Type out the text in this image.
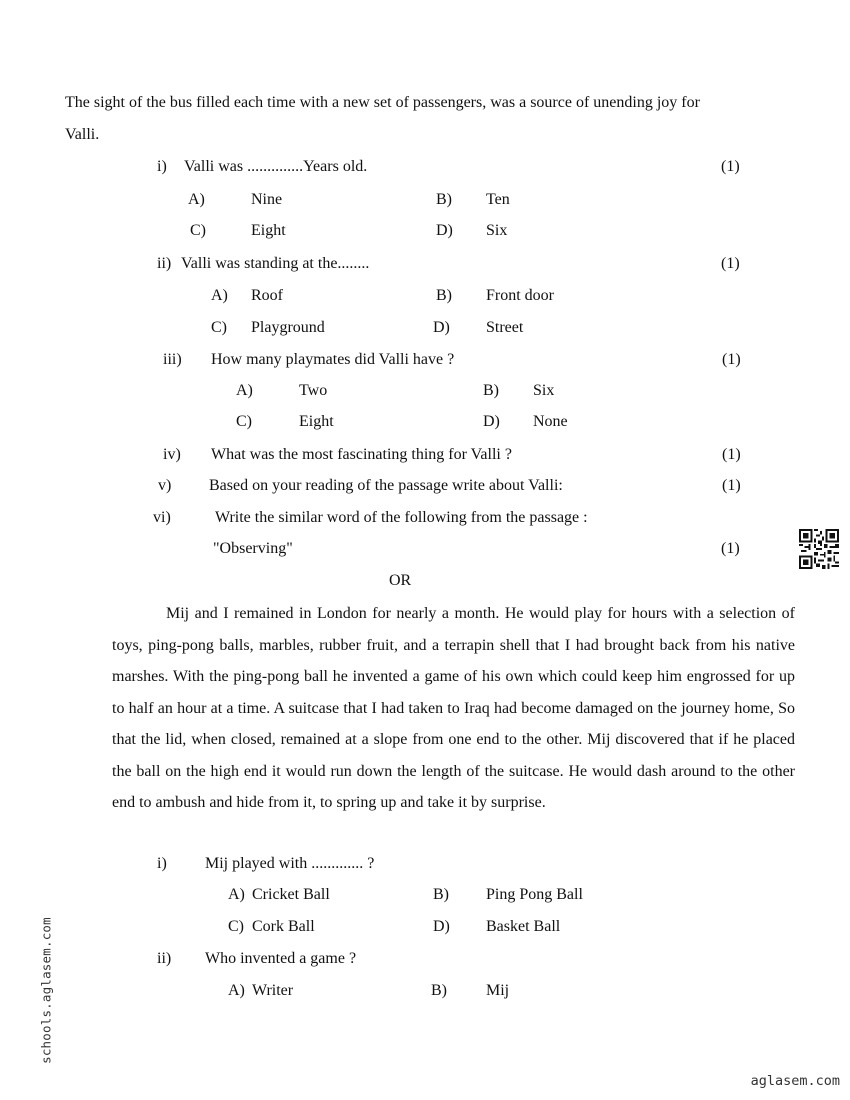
The sight of the bus filled each time with a new set of passengers, was a source of unending joy for
Valli.
i) Valli was ..............Years old.	(1)
A)	Nine	B) Ten
C)	Eight	D) Six
ii) Valli was standing at the........	(1)
A) Roof	B) Front door
C) Playground	D) Street
iii) How many playmates did Valli have ?	(1)
A)	Two	B) Six
C)	Eight	D) None
iv) What was the most fascinating thing for Valli ?	(1)
v) Based on your reading of the passage write about Valli:	(1)
vi)	Write the similar word of the following from the passage :
"Observing"	(1)
OR

Mij and I remained in London for nearly a month. He would play for hours with a selection of toys, ping-pong balls, marbles, rubber fruit, and a terrapin shell that I had brought back from his native marshes. With the ping-pong ball he invented a game of his own which could keep him engrossed for up to half an hour at a time. A suitcase that I had taken to Iraq had become damaged on the journey home, So that the lid, when closed, remained at a slope from one end to the other. Mij discovered that if he placed the ball on the high end it would run down the length of the suitcase. He would dash around to the other end to ambush and hide from it, to spring up and take it by surprise.

i) Mij played with ............. ?
A) Cricket Ball	B) Ping Pong Ball
C) Cork Ball	D) Basket Ball
ii) Who invented a game ?
A) Writer	B) Mij
schools.aglasem.com
aglasem.com
